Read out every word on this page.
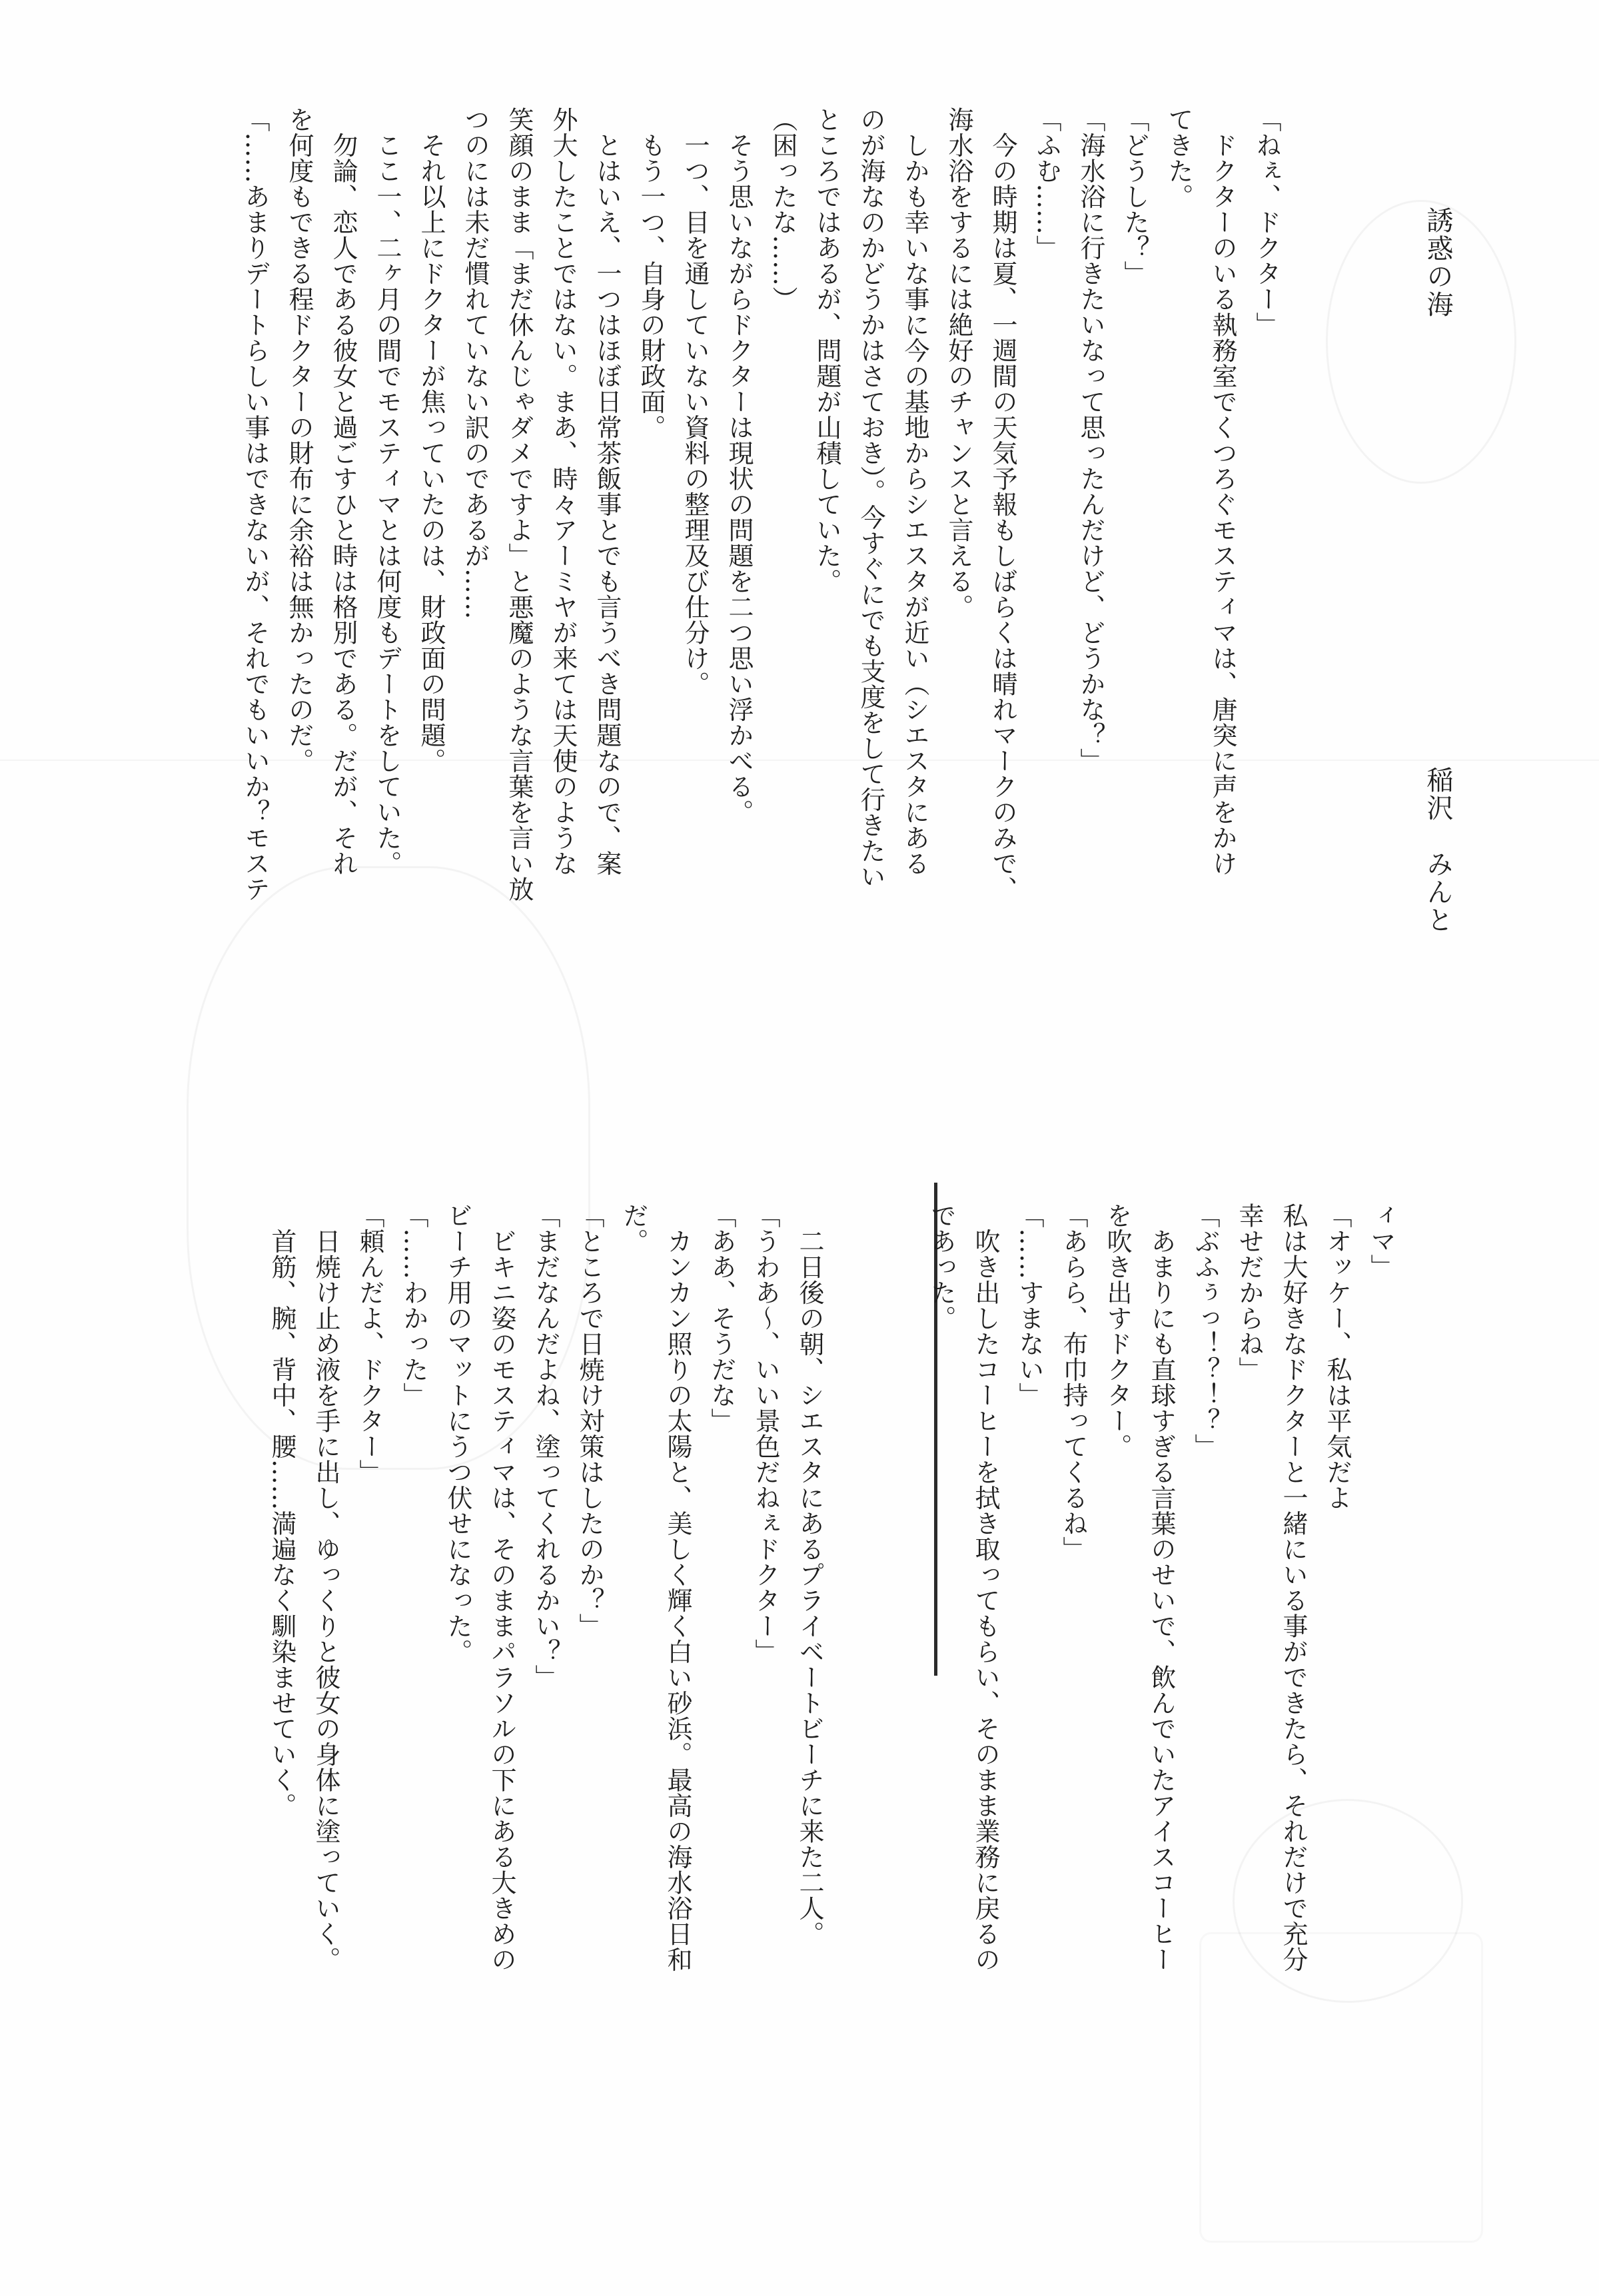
誘惑の海
稲沢　みんと
「ねぇ、ドクター」
　ドクターのいる執務室でくつろぐモスティマは、唐突に声をかけ
てきた。
「どうした？」
「海水浴に行きたいなって思ったんだけど、どうかな？」
「ふむ……」
　今の時期は夏、一週間の天気予報もしばらくは晴れマークのみで、
海水浴をするには絶好のチャンスと言える。
　しかも幸いな事に今の基地からシエスタが近い（シエスタにある
のが海なのかどうかはさておき）。今すぐにでも支度をして行きたい
ところではあるが、問題が山積していた。
（困ったな……）
　そう思いながらドクターは現状の問題を二つ思い浮かべる。
　一つ、目を通していない資料の整理及び仕分け。
　もう一つ、自身の財政面。
　とはいえ、一つはほぼ日常茶飯事とでも言うべき問題なので、案
外大したことではない。まあ、時々アーミヤが来ては天使のような
笑顔のまま「まだ休んじゃダメですよ」と悪魔のような言葉を言い放
つのには未だ慣れていない訳のであるが……
　それ以上にドクターが焦っていたのは、財政面の問題。
　ここ一、二ヶ月の間でモスティマとは何度もデートをしていた。
　勿論、恋人である彼女と過ごすひと時は格別である。だが、それ
を何度もできる程ドクターの財布に余裕は無かったのだ。
「……あまりデートらしい事はできないが、それでもいいか？モステ
ィマ」
「オッケー、私は平気だよ
私は大好きなドクターと一緒にいる事ができたら、それだけで充分
幸せだからね」
「ぶふぅっ！？！？」
　あまりにも直球すぎる言葉のせいで、飲んでいたアイスコーヒー
を吹き出すドクター。
「あらら、布巾持ってくるね」
「……すまない」
　吹き出したコーヒーを拭き取ってもらい、そのまま業務に戻るの
であった。

　二日後の朝、シエスタにあるプライベートビーチに来た二人。
「うわあ～、いい景色だねぇドクター」
「ああ、そうだな」
　カンカン照りの太陽と、美しく輝く白い砂浜。最高の海水浴日和
だ。
「ところで日焼け対策はしたのか？」
「まだなんだよね、塗ってくれるかい？」
　ビキニ姿のモスティマは、そのままパラソルの下にある大きめの
ビーチ用のマットにうつ伏せになった。
「……わかった」
「頼んだよ、ドクター」
　日焼け止め液を手に出し、ゆっくりと彼女の身体に塗っていく。
　首筋、腕、背中、腰……満遍なく馴染ませていく。
